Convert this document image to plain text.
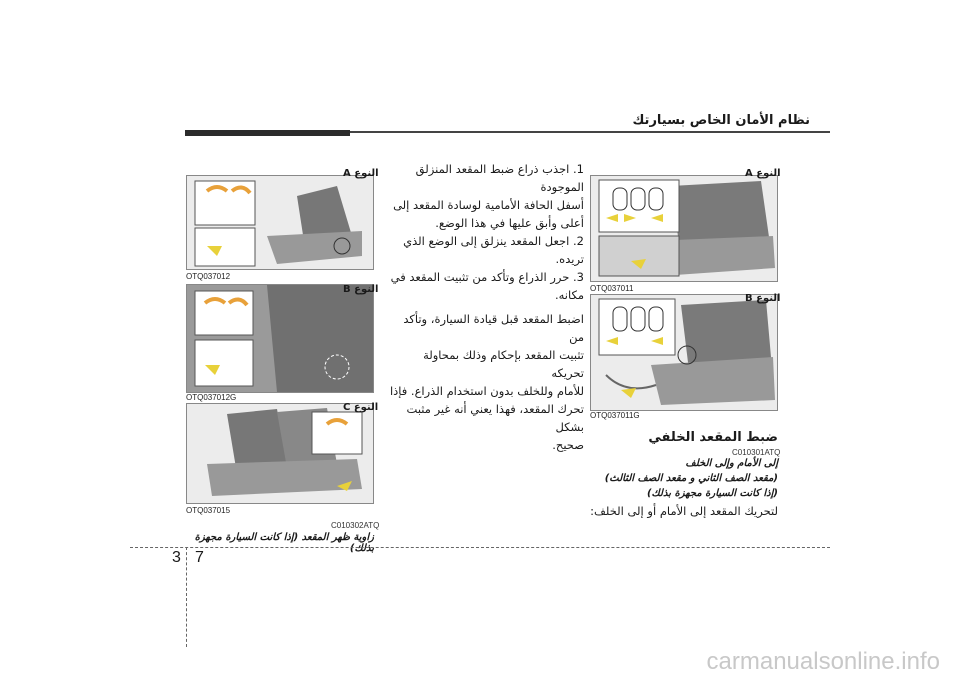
ﻧﻈﺎﻡ ﺍﻷﻣﺎﻥ ﺍﻟﺨﺎﺹ ﺑﺴﻴﺎﺭﺗﻚ
ﺍﻟﻨﻮﻉ A
OTQ037012
ﺍﻟﻨﻮﻉ B
OTQ037012G
ﺍﻟﻨﻮﻉ C
OTQ037015
C010302ATQ
ﺯﺍﻭﻳﺔ ﻇﻬﺮ ﺍﻟﻤﻘﻌﺪ (ﺇﺫﺍ ﻛﺎﻧﺖ ﺍﻟﺴﻴﺎﺭﺓ ﻣﺠﻬﺰﺓ ﺑﺬﻟﻚ)
1. ﺍﺟﺬﺏ ﺫﺭﺍﻉ ﺿﺒﻂ ﺍﻟﻤﻘﻌﺪ ﺍﻟﻤﻨﺰﻟﻖ ﺍﻟﻤﻮﺟﻮﺩﺓ
ﺃﺳﻔﻞ ﺍﻟﺤﺎﻓﺔ ﺍﻷﻣﺎﻣﻴﺔ ﻟﻮﺳﺎﺩﺓ ﺍﻟﻤﻘﻌﺪ ﺇﻟﻰ
ﺃﻋﻠﻰ ﻭﺃﺑﻖ ﻋﻠﻴﻬﺎ ﻓﻲ ﻫﺬﺍ ﺍﻟﻮﺿﻊ.
2. ﺍﺟﻌﻞ ﺍﻟﻤﻘﻌﺪ ﻳﻨﺰﻟﻖ ﺇﻟﻰ ﺍﻟﻮﺿﻊ ﺍﻟﺬﻱ ﺗﺮﻳﺪﻩ.
3. ﺣﺮﺭ ﺍﻟﺬﺭﺍﻉ ﻭﺗﺄﻛﺪ ﻣﻦ ﺗﺜﺒﻴﺖ ﺍﻟﻤﻘﻌﺪ ﻓﻲ
ﻣﻜﺎﻧﻪ.
ﺍﺿﺒﻂ ﺍﻟﻤﻘﻌﺪ ﻗﺒﻞ ﻗﻴﺎﺩﺓ ﺍﻟﺴﻴﺎﺭﺓ، ﻭﺗﺄﻛﺪ ﻣﻦ
ﺗﺜﺒﻴﺖ ﺍﻟﻤﻘﻌﺪ ﺑﺈﺣﻜﺎﻡ ﻭﺫﻟﻚ ﺑﻤﺤﺎﻭﻟﺔ ﺗﺤﺮﻳﻜﻪ
ﻟﻸﻣﺎﻡ ﻭﻟﻠﺨﻠﻒ ﺑﺪﻭﻥ ﺍﺳﺘﺨﺪﺍﻡ ﺍﻟﺬﺭﺍﻉ. ﻓﺈﺫﺍ
ﺗﺤﺮﻙ ﺍﻟﻤﻘﻌﺪ، ﻓﻬﺬﺍ ﻳﻌﻨﻲ ﺃﻧﻪ ﻏﻴﺮ ﻣﺜﺒﺖ ﺑﺸﻜﻞ
ﺻﺤﻴﺢ.
ﺍﻟﻨﻮﻉ A
OTQ037011
ﺍﻟﻨﻮﻉ B
OTQ037011G
ﺿﺒﻂ ﺍﻟﻤﻘﻌﺪ ﺍﻟﺨﻠﻔﻲ
C010301ATQ
ﺇﻟﻰ ﺍﻷﻣﺎﻡ ﻭﺇﻟﻰ ﺍﻟﺨﻠﻒ
(ﻣﻘﻌﺪ ﺍﻟﺼﻒ ﺍﻟﺜﺎﻧﻲ ﻭ ﻣﻘﻌﺪ ﺍﻟﺼﻒ ﺍﻟﺜﺎﻟﺚ)
(ﺇﺫﺍ ﻛﺎﻧﺖ ﺍﻟﺴﻴﺎﺭﺓ ﻣﺠﻬﺰﺓ ﺑﺬﻟﻚ)
ﻟﺘﺤﺮﻳﻚ ﺍﻟﻤﻘﻌﺪ ﺇﻟﻰ ﺍﻷﻣﺎﻡ ﺃﻭ ﺇﻟﻰ ﺍﻟﺨﻠﻒ:
3 7
carmanualsonline.info
